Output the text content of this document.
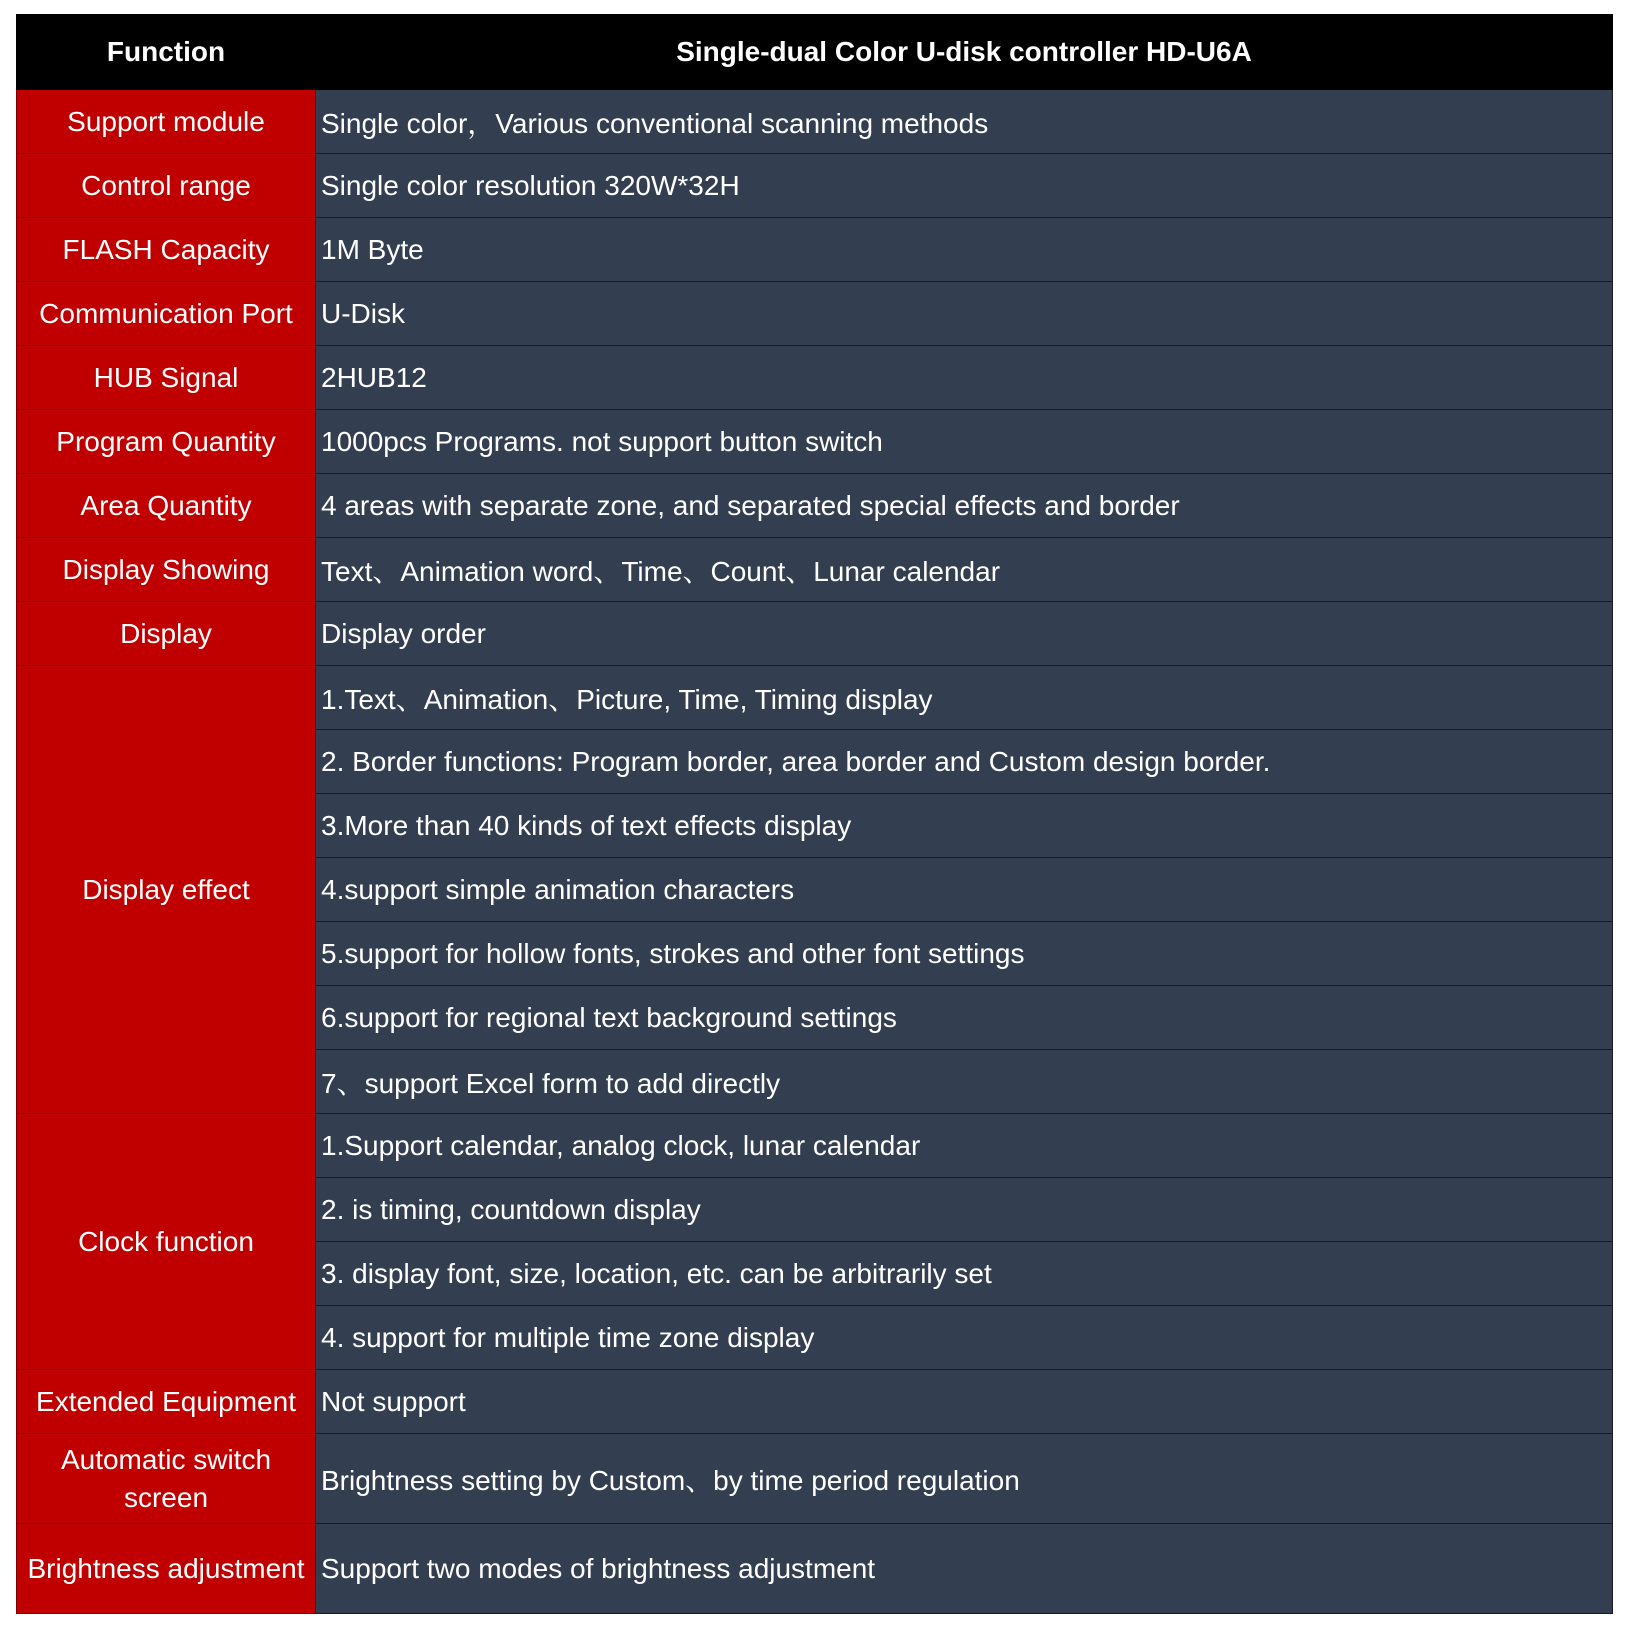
Function	Single-dual Color U-disk controller HD-U6A
Support module	Single color，Various conventional scanning methods
Control range	Single color resolution 320W*32H
FLASH Capacity	1M Byte
Communication Port	U-Disk
HUB Signal	2HUB12
Program Quantity	1000pcs Programs. not support button switch
Area Quantity	4 areas with separate zone, and separated special effects and border
Display Showing	Text、Animation word、Time、Count、Lunar calendar
Display	Display order
Display effect	1.Text、Animation、Picture, Time, Timing display
	2. Border functions: Program border, area border and Custom design border.
	3.More than 40 kinds of text effects display
	4.support simple animation characters
	5.support for hollow fonts, strokes and other font settings
	6.support for regional text background settings
	7、support Excel form to add directly
Clock function	1.Support calendar, analog clock, lunar calendar
	2. is timing, countdown display
	3. display font, size, location, etc. can be arbitrarily set
	4. support for multiple time zone display
Extended Equipment	Not support
Automatic switch screen	Brightness setting by Custom、by time period regulation
Brightness adjustment	Support two modes of brightness adjustment
